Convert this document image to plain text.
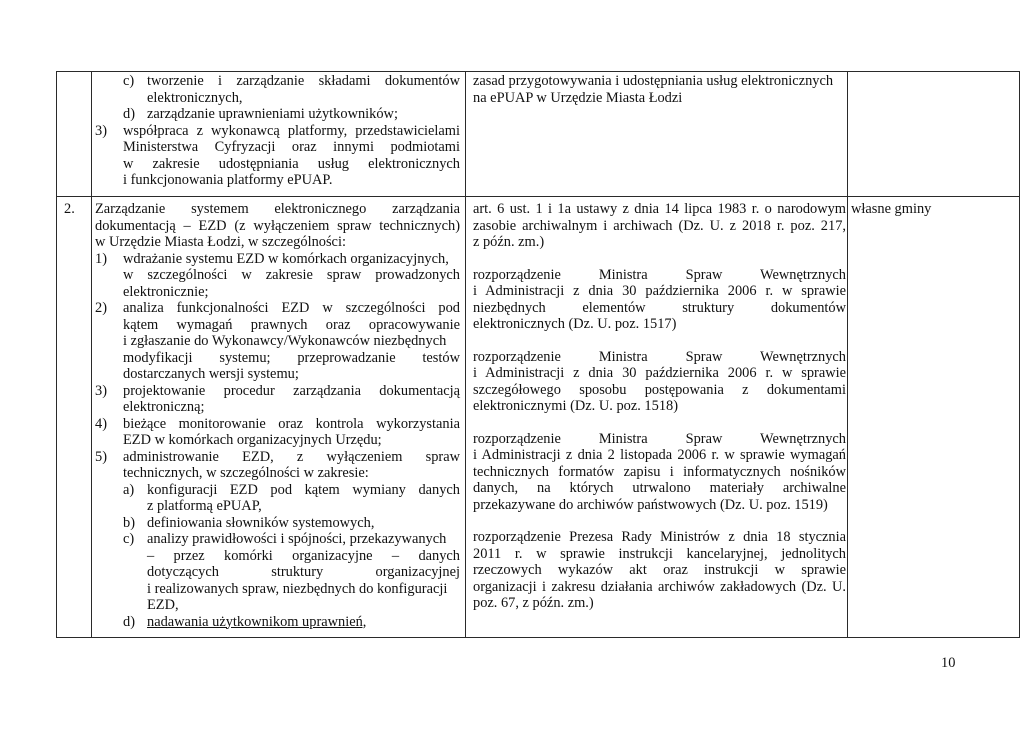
c) tworzenie i zarządzanie składami dokumentów
elektronicznych,
d) zarządzanie uprawnieniami użytkowników;
3) współpraca z wykonawcą platformy, przedstawicielami
Ministerstwa Cyfryzacji oraz innymi podmiotami
w zakresie udostępniania usług elektronicznych
i funkcjonowania platformy ePUAP.
zasad przygotowywania i udostępniania usług elektronicznych
na ePUAP w Urzędzie Miasta Łodzi
2.	Zarządzanie systemem elektronicznego zarządzania
dokumentacją – EZD (z wyłączeniem spraw technicznych)
w Urzędzie Miasta Łodzi, w szczególności:
1) wdrażanie systemu EZD w komórkach organizacyjnych,
w szczególności w zakresie spraw prowadzonych
elektronicznie;
2) analiza funkcjonalności EZD w szczególności pod
kątem wymagań prawnych oraz opracowywanie
i zgłaszanie do Wykonawcy/Wykonawców niezbędnych
modyfikacji systemu; przeprowadzanie testów
dostarczanych wersji systemu;
3) projektowanie procedur zarządzania dokumentacją
elektroniczną;
4) bieżące monitorowanie oraz kontrola wykorzystania
EZD w komórkach organizacyjnych Urzędu;
5) administrowanie EZD, z wyłączeniem spraw
technicznych, w szczególności w zakresie:
a) konfiguracji EZD pod kątem wymiany danych
z platformą ePUAP,
b) definiowania słowników systemowych,
c) analizy prawidłowości i spójności, przekazywanych
– przez komórki organizacyjne – danych
dotyczących struktury organizacyjnej
i realizowanych spraw, niezbędnych do konfiguracji
EZD,
d) nadawania użytkownikom uprawnień,
art. 6 ust. 1 i 1a ustawy z dnia 14 lipca 1983 r. o narodowym
zasobie archiwalnym i archiwach (Dz. U. z 2018 r. poz. 217,
z późn. zm.)
rozporządzenie Ministra Spraw Wewnętrznych
i Administracji z dnia 30 października 2006 r. w sprawie
niezbędnych elementów struktury dokumentów
elektronicznych (Dz. U. poz. 1517)
rozporządzenie Ministra Spraw Wewnętrznych
i Administracji z dnia 30 października 2006 r. w sprawie
szczegółowego sposobu postępowania z dokumentami
elektronicznymi (Dz. U. poz. 1518)
rozporządzenie Ministra Spraw Wewnętrznych
i Administracji z dnia 2 listopada 2006 r. w sprawie wymagań
technicznych formatów zapisu i informatycznych nośników
danych, na których utrwalono materiały archiwalne
przekazywane do archiwów państwowych (Dz. U. poz. 1519)
rozporządzenie Prezesa Rady Ministrów z dnia 18 stycznia
2011 r. w sprawie instrukcji kancelaryjnej, jednolitych
rzeczowych wykazów akt oraz instrukcji w sprawie
organizacji i zakresu działania archiwów zakładowych (Dz. U.
poz. 67, z późn. zm.)
własne gminy
10
